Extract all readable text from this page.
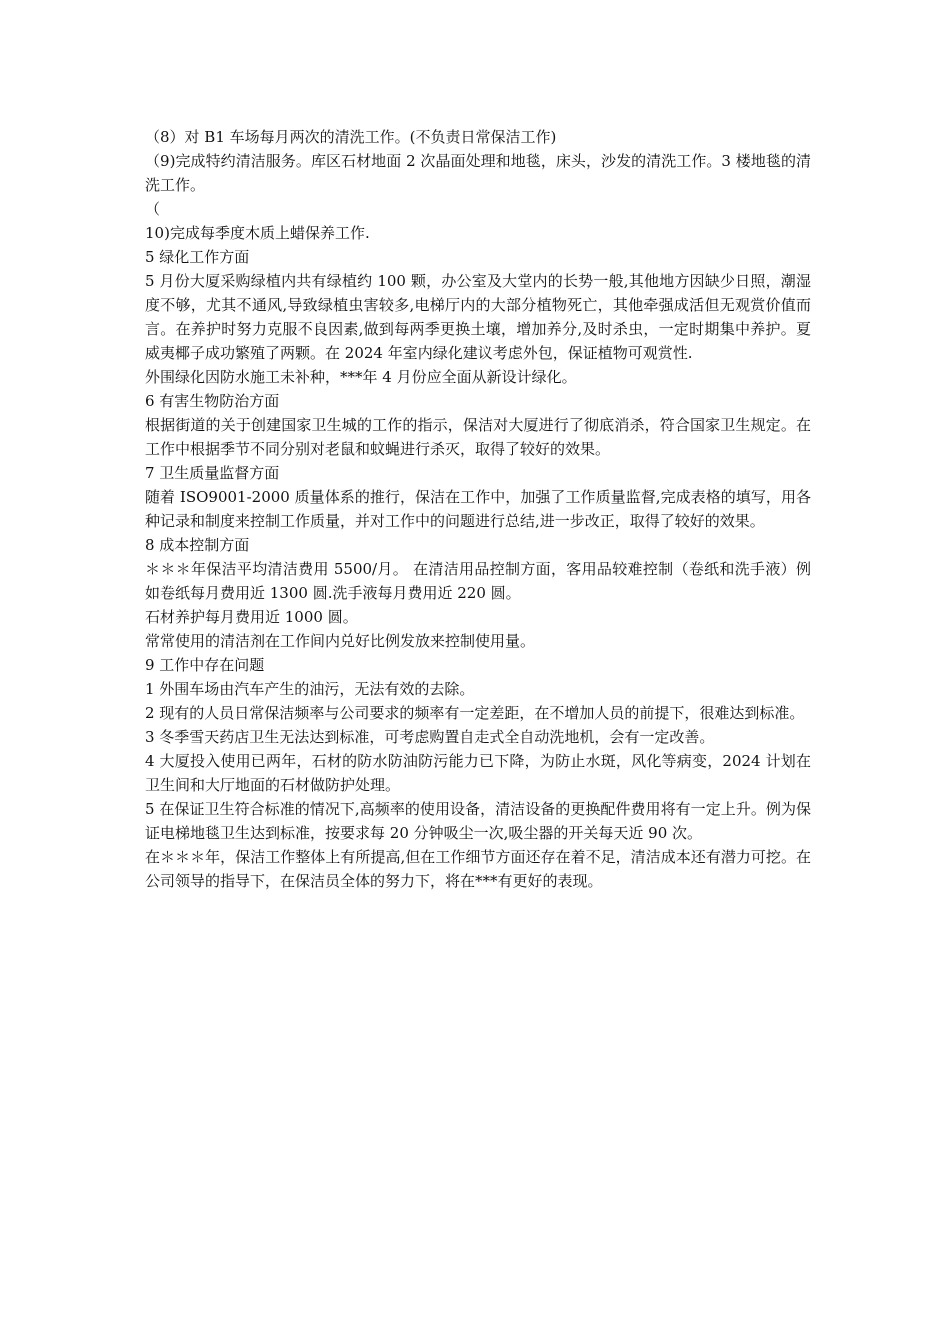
（8）对 B1 车场每月两次的清洗工作。(不负责日常保洁工作)

（9)完成特约清洁服务。库区石材地面 2 次晶面处理和地毯，床头，沙发的清洗工作。3 楼地毯的清洗工作。

（

10)完成每季度木质上蜡保养工作.

5 绿化工作方面

5 月份大厦采购绿植内共有绿植约 100 颗，办公室及大堂内的长势一般,其他地方因缺少日照，潮湿度不够，尤其不通风,导致绿植虫害较多,电梯厅内的大部分植物死亡，其他牵强成活但无观赏价值而言。在养护时努力克服不良因素,做到每两季更换土壤，增加养分,及时杀虫，一定时期集中养护。夏威夷椰子成功繁殖了两颗。在 2024 年室内绿化建议考虑外包，保证植物可观赏性.

外围绿化因防水施工未补种，***年 4 月份应全面从新设计绿化。

6 有害生物防治方面

根据街道的关于创建国家卫生城的工作的指示，保洁对大厦进行了彻底消杀，符合国家卫生规定。在工作中根据季节不同分别对老鼠和蚊蝇进行杀灭，取得了较好的效果。

7 卫生质量监督方面

随着 ISO9001-2000 质量体系的推行，保洁在工作中，加强了工作质量监督,完成表格的填写，用各种记录和制度来控制工作质量，并对工作中的问题进行总结,进一步改正，取得了较好的效果。

8 成本控制方面

＊＊＊年保洁平均清洁费用 5500/月。 在清洁用品控制方面，客用品较难控制（卷纸和洗手液）例如卷纸每月费用近 1300 圆.洗手液每月费用近 220 圆。

石材养护每月费用近 1000 圆。

常常使用的清洁剂在工作间内兑好比例发放来控制使用量。

9 工作中存在问题

1 外围车场由汽车产生的油污，无法有效的去除。

2 现有的人员日常保洁频率与公司要求的频率有一定差距，在不增加人员的前提下，很难达到标准。

3 冬季雪天药店卫生无法达到标准，可考虑购置自走式全自动洗地机，会有一定改善。

4 大厦投入使用已两年，石材的防水防油防污能力已下降，为防止水斑，风化等病变，2024 计划在卫生间和大厅地面的石材做防护处理。

5 在保证卫生符合标准的情况下,高频率的使用设备，清洁设备的更换配件费用将有一定上升。例为保证电梯地毯卫生达到标准，按要求每 20 分钟吸尘一次,吸尘器的开关每天近 90 次。

在＊＊＊年，保洁工作整体上有所提高,但在工作细节方面还存在着不足，清洁成本还有潜力可挖。在公司领导的指导下，在保洁员全体的努力下，将在***有更好的表现。
